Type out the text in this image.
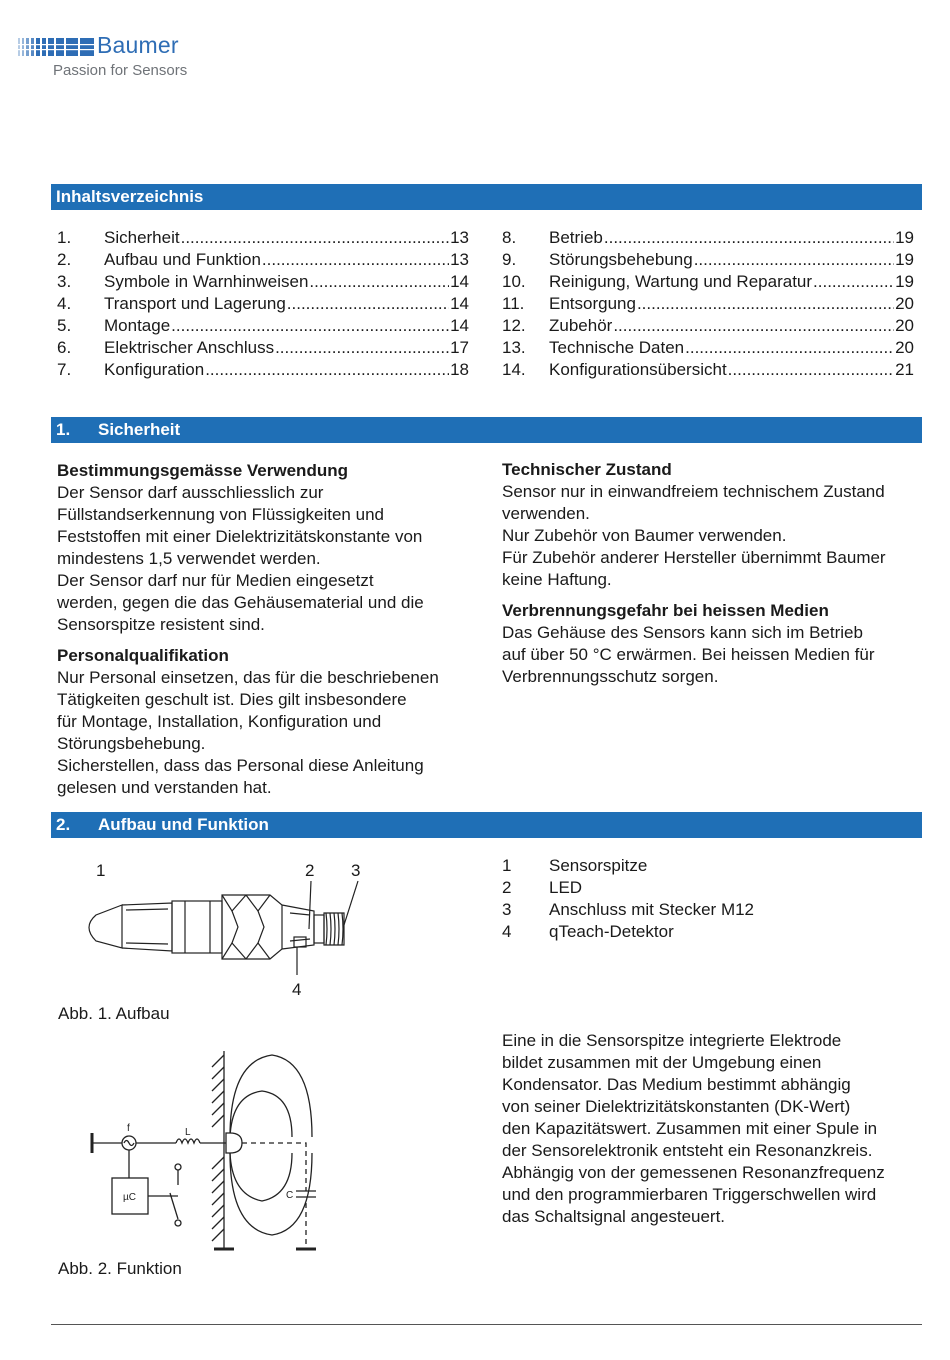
Baumer
Passion for Sensors
Inhaltsverzeichnis
1.	Sicherheit .....	13
2.	Aufbau und Funktion .....	13
3.	Symbole in Warnhinweisen .....	14
4.	Transport und Lagerung .....	14
5.	Montage .....	14
6.	Elektrischer Anschluss .....	17
7.	Konfiguration .....	18
8.	Betrieb .....	19
9.	Störungsbehebung .....	19
10.	Reinigung, Wartung und Reparatur .....	19
11.	Entsorgung .....	20
12.	Zubehör .....	20
13.	Technische Daten .....	20
14.	Konfigurationsübersicht .....	21
1. Sicherheit
Bestimmungsgemässe Verwendung

Der Sensor darf ausschliesslich zur

Füllstandserkennung von Flüssigkeiten und

Feststoffen mit einer Dielektrizitätskonstante von

mindestens 1,5 verwendet werden.

Der Sensor darf nur für Medien eingesetzt

werden, gegen die das Gehäusematerial und die

Sensorspitze resistent sind.

Personalqualifikation

Nur Personal einsetzen, das für die beschriebenen

Tätigkeiten geschult ist. Dies gilt insbesondere

für Montage, Installation, Konfiguration und

Störungsbehebung.

Sicherstellen, dass das Personal diese Anleitung

gelesen und verstanden hat.

Technischer Zustand

Sensor nur in einwandfreiem technischem Zustand

verwenden.

Nur Zubehör von Baumer verwenden.

Für Zubehör anderer Hersteller übernimmt Baumer

keine Haftung.

Verbrennungsgefahr bei heissen Medien

Das Gehäuse des Sensors kann sich im Betrieb

auf über 50 °C erwärmen. Bei heissen Medien für

Verbrennungsschutz sorgen.

2. Aufbau und Funktion
1	2 3
4
Abb. 1. Aufbau
1	Sensorspitze
2	LED
3	Anschluss mit Stecker M12
4	qTeach-Detektor
f	L
µC	C
Abb. 2. Funktion

Eine in die Sensorspitze integrierte Elektrode

bildet zusammen mit der Umgebung einen

Kondensator. Das Medium bestimmt abhängig

von seiner Dielektrizitätskonstanten (DK-Wert)

den Kapazitätswert. Zusammen mit einer Spule in

der Sensorelektronik entsteht ein Resonanzkreis.

Abhängig von der gemessenen Resonanzfrequenz

und den programmierbaren Triggerschwellen wird

das Schaltsignal angesteuert.
